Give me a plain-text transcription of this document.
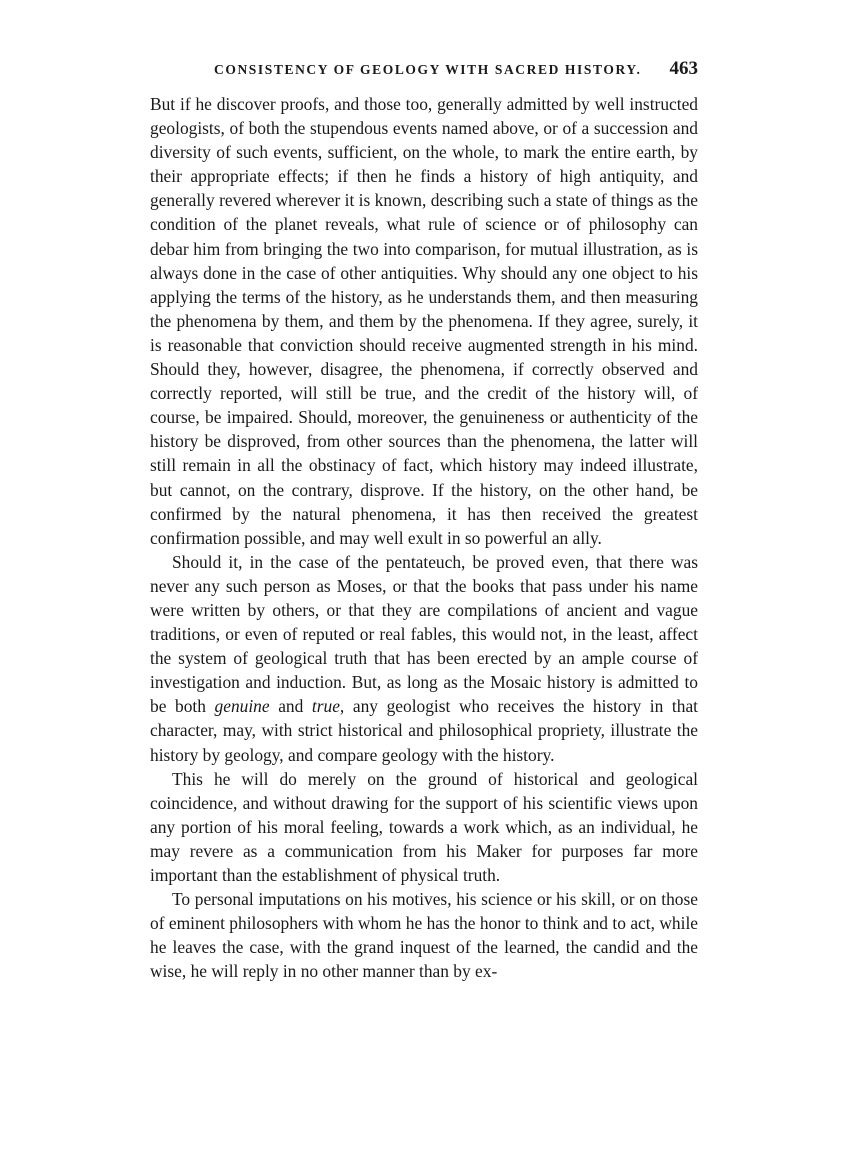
CONSISTENCY OF GEOLOGY WITH SACRED HISTORY. 463

But if he discover proofs, and those too, generally admitted by well instructed geologists, of both the stupendous events named above, or of a succession and diversity of such events, sufficient, on the whole, to mark the entire earth, by their appropriate effects; if then he finds a history of high antiquity, and generally revered wherever it is known, describing such a state of things as the condition of the planet reveals, what rule of science or of philosophy can debar him from bringing the two into comparison, for mutual illustration, as is always done in the case of other antiquities. Why should any one object to his applying the terms of the history, as he understands them, and then measuring the phenomena by them, and them by the phenomena. If they agree, surely, it is reasonable that conviction should receive augmented strength in his mind. Should they, however, disagree, the phenomena, if correctly observed and correctly reported, will still be true, and the credit of the history will, of course, be impaired. Should, moreover, the genuineness or authenticity of the history be disproved, from other sources than the phenomena, the latter will still remain in all the obstinacy of fact, which history may indeed illustrate, but cannot, on the contrary, disprove. If the history, on the other hand, be confirmed by the natural phenomena, it has then received the greatest confirmation possible, and may well exult in so powerful an ally.

Should it, in the case of the pentateuch, be proved even, that there was never any such person as Moses, or that the books that pass under his name were written by others, or that they are compilations of ancient and vague traditions, or even of reputed or real fables, this would not, in the least, affect the system of geological truth that has been erected by an ample course of investigation and induction. But, as long as the Mosaic history is admitted to be both genuine and true, any geologist who receives the history in that character, may, with strict historical and philosophical propriety, illustrate the history by geology, and compare geology with the history.

This he will do merely on the ground of historical and geological coincidence, and without drawing for the support of his scientific views upon any portion of his moral feeling, towards a work which, as an individual, he may revere as a communication from his Maker for purposes far more important than the establishment of physical truth.

To personal imputations on his motives, his science or his skill, or on those of eminent philosophers with whom he has the honor to think and to act, while he leaves the case, with the grand inquest of the learned, the candid and the wise, he will reply in no other manner than by ex-
